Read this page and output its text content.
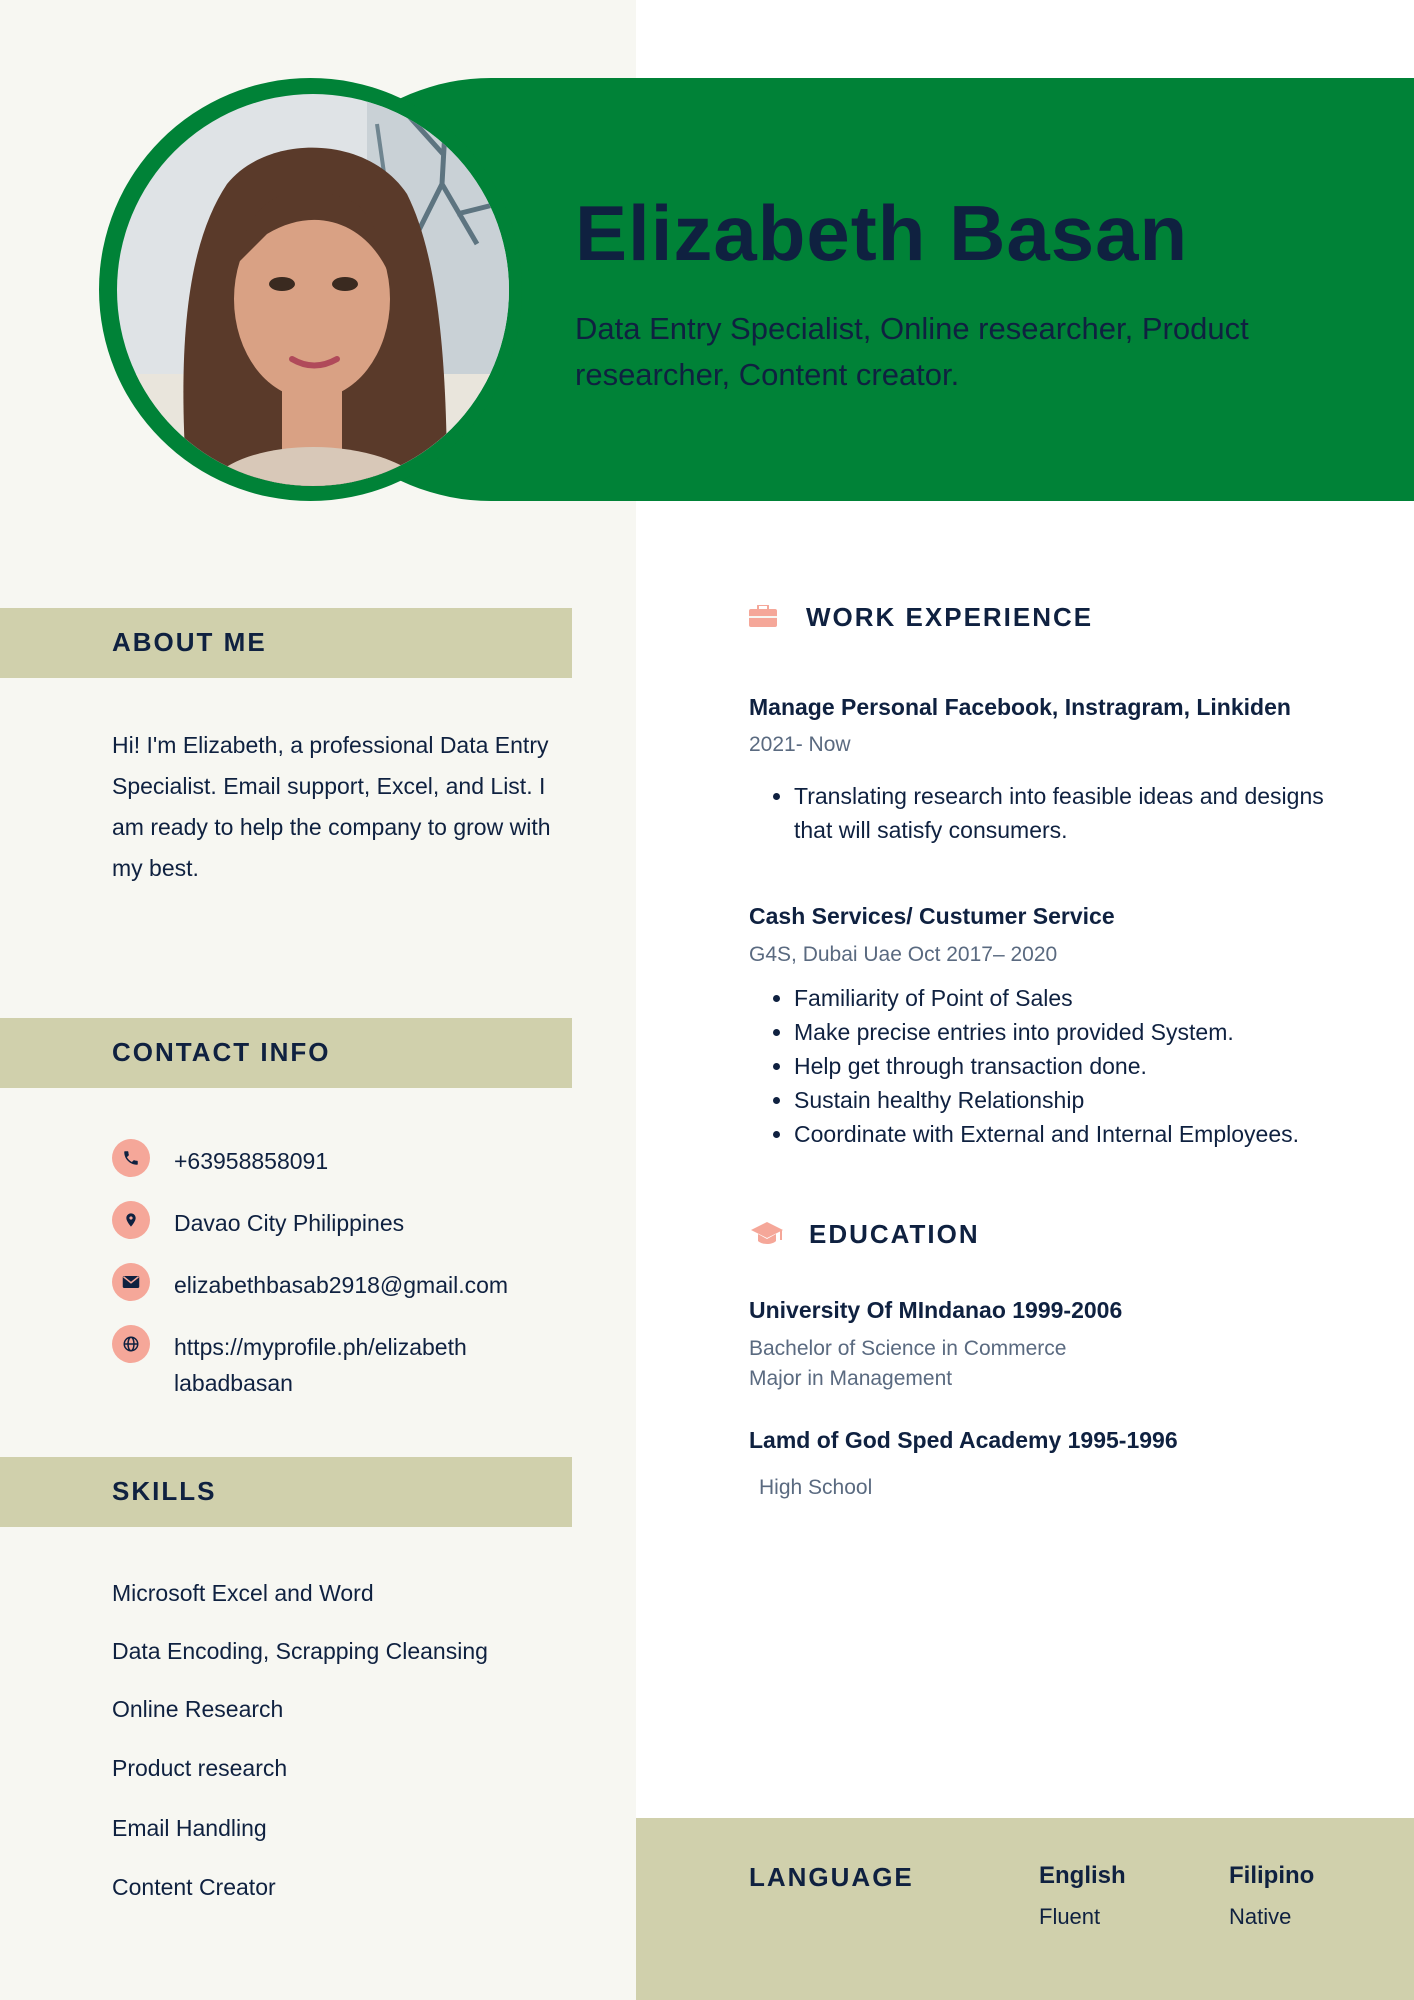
Elizabeth Basan
Data Entry Specialist, Online researcher, Product researcher, Content creator.
ABOUT ME
Hi! I'm Elizabeth, a professional Data Entry Specialist. Email support, Excel, and List. I am ready to help the company to grow with my best.
CONTACT INFO
+63958858091
Davao City Philippines
elizabethbasab2918@gmail.com
https://myprofile.ph/elizabeth
labadbasan
SKILLS
Microsoft Excel and Word
Data Encoding, Scrapping Cleansing
Online Research
Product research
Email Handling
Content Creator
WORK EXPERIENCE
Manage Personal Facebook, Instragram, Linkiden
2021- Now
• Translating research into feasible ideas and designs that will satisfy consumers.
Cash Services/ Custumer Service
G4S, Dubai Uae Oct 2017– 2020
• Familiarity of Point of Sales
• Make precise entries into provided System.
• Help get through transaction done.
• Sustain healthy Relationship
• Coordinate with External and Internal Employees.
EDUCATION
University Of MIndanao 1999-2006
Bachelor of Science in Commerce
Major in Management
Lamd of God Sped Academy 1995-1996
High School
LANGUAGE	English
Fluent
Filipino
Native
